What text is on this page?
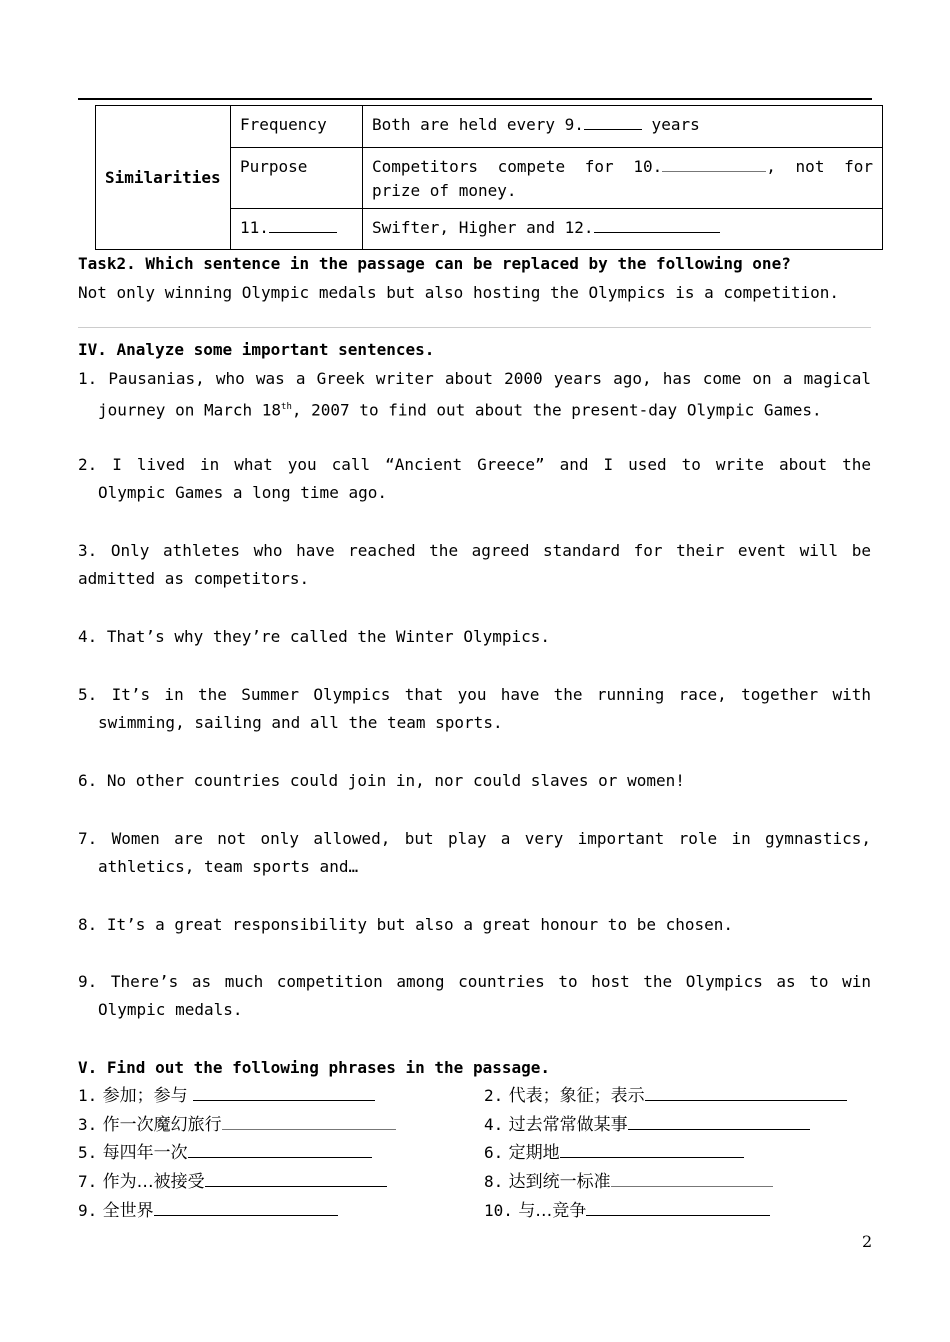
Similarities	Frequency	Both are held every 9. years
	Purpose	Competitors compete for 10. , not for
prize of money.

	11.	Swifter, Higher and 12.
Task2. Which sentence in the passage can be replaced by the following one?
Not only winning Olympic medals but also hosting the Olympics is a competition.
IV. Analyze some important sentences.
1. Pausanias, who was a Greek writer about 2000 years ago, has come on a magical
journey on March 18th, 2007 to find out about the present-day Olympic Games.
2. I lived in what you call “Ancient Greece” and I used to write about the
Olympic Games a long time ago.
3. Only athletes who have reached the agreed standard for their event will be
admitted as competitors.
4. That’s why they’re called the Winter Olympics.
5. It’s in the Summer Olympics that you have the running race, together with
swimming, sailing and all the team sports.
6. No other countries could join in, nor could slaves or women!
7. Women are not only allowed, but play a very important role in gymnastics,
athletics, team sports and…
8. It’s a great responsibility but also a great honour to be chosen.
9. There’s as much competition among countries to host the Olympics as to win
Olympic medals.
V. Find out the following phrases in the passage.
1. 参加；参与	2. 代表；象征；表示
3. 作一次魔幻旅行	4. 过去常常做某事
5. 每四年一次	6. 定期地
7. 作为…被接受	8. 达到统一标准
9. 全世界	10. 与…竞争
2
